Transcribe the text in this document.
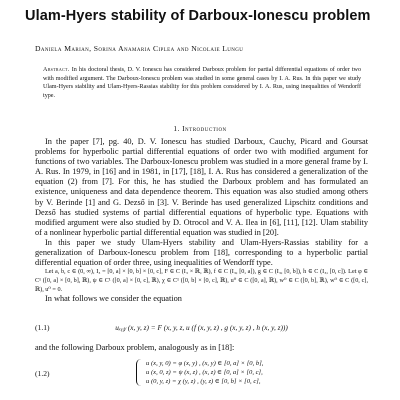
Ulam-Hyers stability of Darboux-Ionescu problem
Daniela Marian, Sorina Anamaria Ciplea and Nicolaie Lungu
Abstract. In his doctoral thesis, D. V. Ionescu has considered Darboux problem for partial differential equations of order two with modified argument. The Darboux-Ionescu problem was studied in some general cases by I. A. Rus. In this paper we study Ulam-Hyers stability and Ulam-Hyers-Rassias stability for this problem considered by I. A. Rus, using inequalities of Wendorff type.
1. Introduction

In the paper [7], pg. 40, D. V. Ionescu has studied Darboux, Cauchy, Picard and Goursat problems for hyperbolic partial differential equations of order two with modified argument for functions of two variables. The Darboux-Ionescu problem was studied in a more general frame by I. A. Rus. In 1979, in [16] and in 1981, in [17], [18], I. A. Rus has considered a generalization of the equation (2) from [7]. For this, he has studied the Darboux problem and has formulated an existence, uniqueness and data dependence theorem. This equation was also studied among others by V. Berinde [1] and G. Dezső in [3]. V. Berinde has used generalized Lipschitz conditions and Dezső has studied systems of partial differential equations of hyperbolic type. Equations with modified argument were also studied by D. Otrocol and V. A. Ilea in [6], [11], [12]. Ulam stability of a nonlinear hyperbolic partial differential equation was studied in [20].

In this paper we study Ulam-Hyers stability and Ulam-Hyers-Rassias stability for a generalization of Darboux-Ionescu problem from [18], corresponding to a hyperbolic partial differential equation of order three, using inequalities of Wendorff type.

Let a, b, c ∈ (0, ∞), I₃ = [0, a] × [0, b] × [0, c], F ∈ C (I₃ × ℝ, ℝ), f ∈ C (I₃, [0, a]), g ∈ C (I₃, [0, b]), h ∈ C (I₃, [0, c]). Let φ ∈ C¹ ([0, a] × [0, b], ℝ), ψ ∈ C¹ ([0, a] × [0, c], ℝ), χ ∈ C¹ ([0, b] × [0, c], ℝ), u⁰ ∈ C ([0, a], ℝ), w⁰ ∈ C ([0, b], ℝ), w⁰ ∈ C ([0, c], ℝ), u⁰ = 0.

In what follows we consider the equation

(1.1)	uₓᵧ𝓏 (x, y, z) = F (x, y, z, u (f (x, y, z) , g (x, y, z) , h (x, y, z)))
and the following Darboux problem, analogously as in [18]:
(1.2)
u (x, y, 0) = φ (x, y) , (x, y) ∈ [0, a] × [0, b],
u (x, 0, z) = ψ (x, z) , (x, z) ∈ [0, a] × [0, c],
u (0, y, z) = χ (y, z) , (y, z) ∈ [0, b] × [0, c],
